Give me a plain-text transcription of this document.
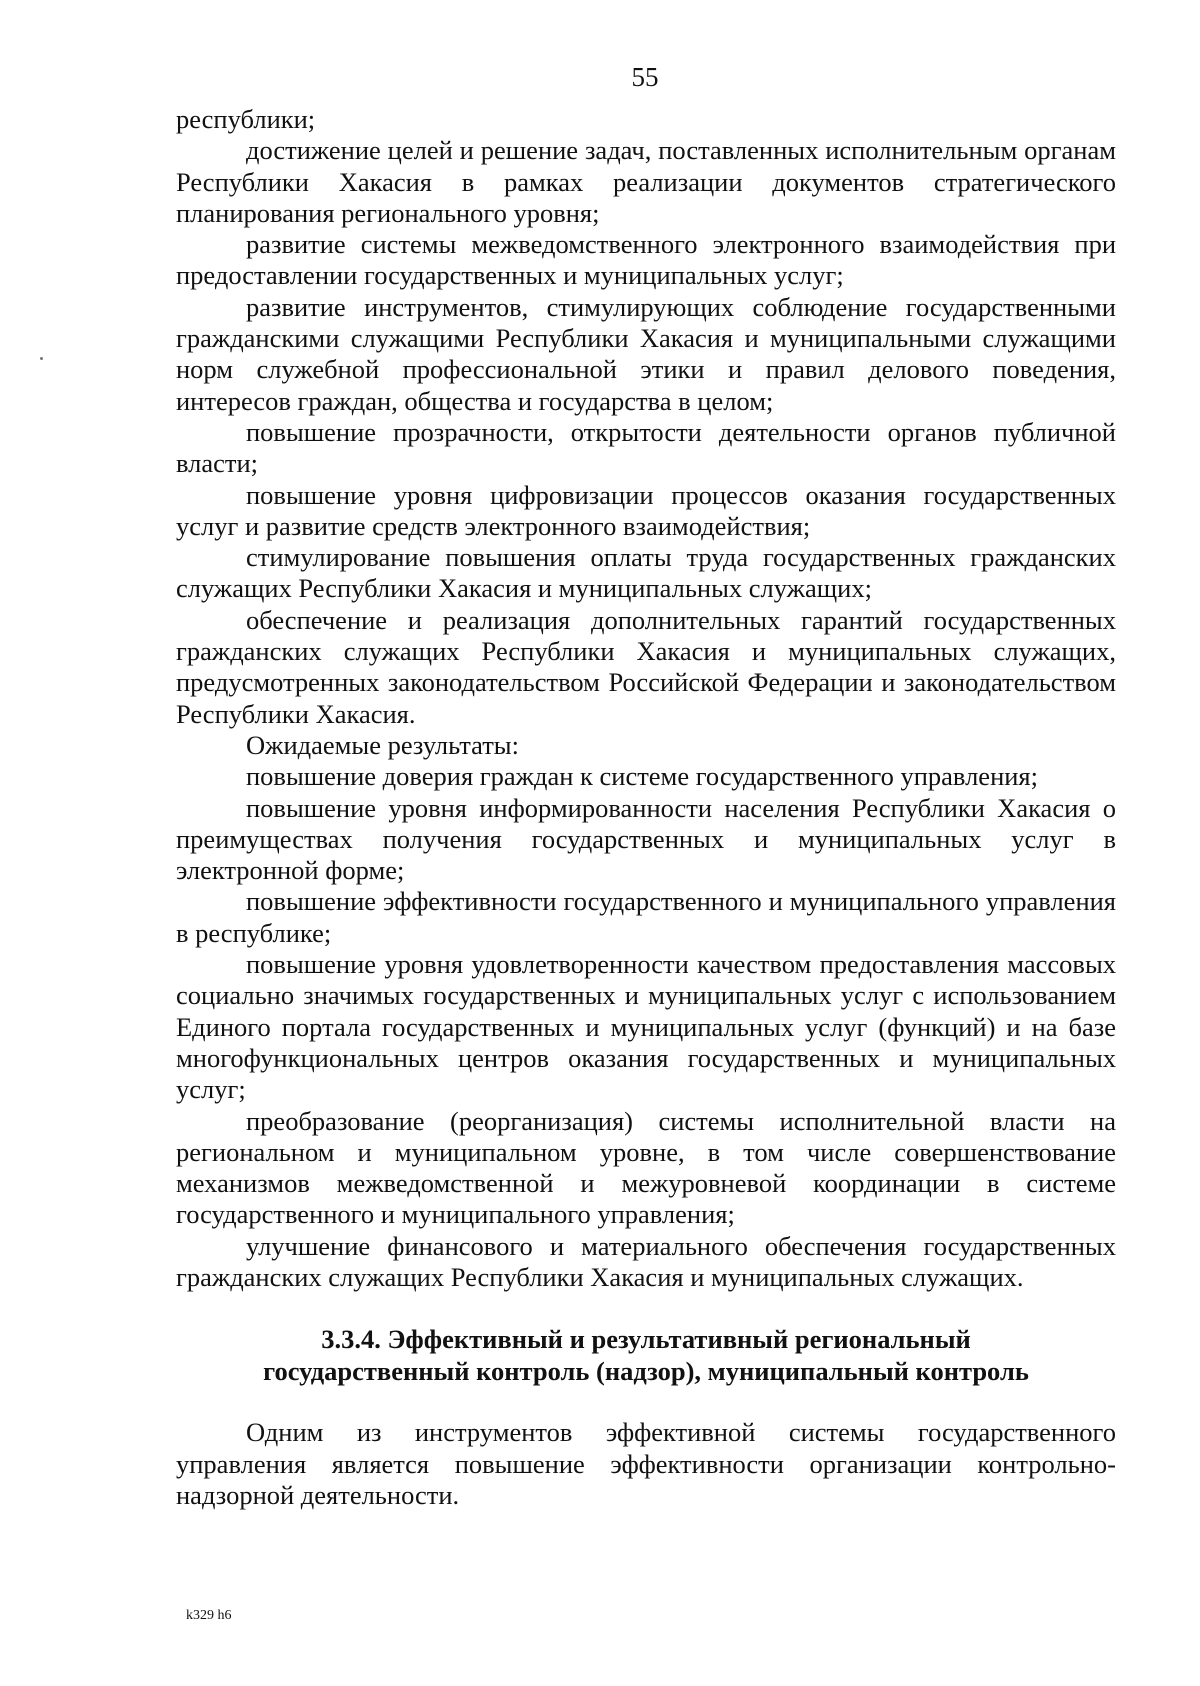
55

республики;

достижение целей и решение задач, поставленных исполнительным органам Республики Хакасия в рамках реализации документов стратегического планирования регионального уровня;

развитие системы межведомственного электронного взаимодействия при предоставлении государственных и муниципальных услуг;

развитие инструментов, стимулирующих соблюдение государственными гражданскими служащими Республики Хакасия и муниципальными служащими норм служебной профессиональной этики и правил делового поведения, интересов граждан, общества и государства в целом;

повышение прозрачности, открытости деятельности органов публичной власти;

повышение уровня цифровизации процессов оказания государственных услуг и развитие средств электронного взаимодействия;

стимулирование повышения оплаты труда государственных гражданских служащих Республики Хакасия и муниципальных служащих;

обеспечение и реализация дополнительных гарантий государственных гражданских служащих Республики Хакасия и муниципальных служащих, предусмотренных законодательством Российской Федерации и законодательством Республики Хакасия.

Ожидаемые результаты:

повышение доверия граждан к системе государственного управления;

повышение уровня информированности населения Республики Хакасия о преимуществах получения государственных и муниципальных услуг в электронной форме;

повышение эффективности государственного и муниципального управления в республике;

повышение уровня удовлетворенности качеством предоставления массовых социально значимых государственных и муниципальных услуг с использованием Единого портала государственных и муниципальных услуг (функций) и на базе многофункциональных центров оказания государственных и муниципальных услуг;

преобразование (реорганизация) системы исполнительной власти на региональном и муниципальном уровне, в том числе совершенствование механизмов межведомственной и межуровневой координации в системе государственного и муниципального управления;

улучшение финансового и материального обеспечения государственных гражданских служащих Республики Хакасия и муниципальных служащих.

3.3.4. Эффективный и результативный региональный
государственный контроль (надзор), муниципальный контроль

Одним из инструментов эффективной системы государственного управления является повышение эффективности организации контрольно-надзорной деятельности.

k329 h6
